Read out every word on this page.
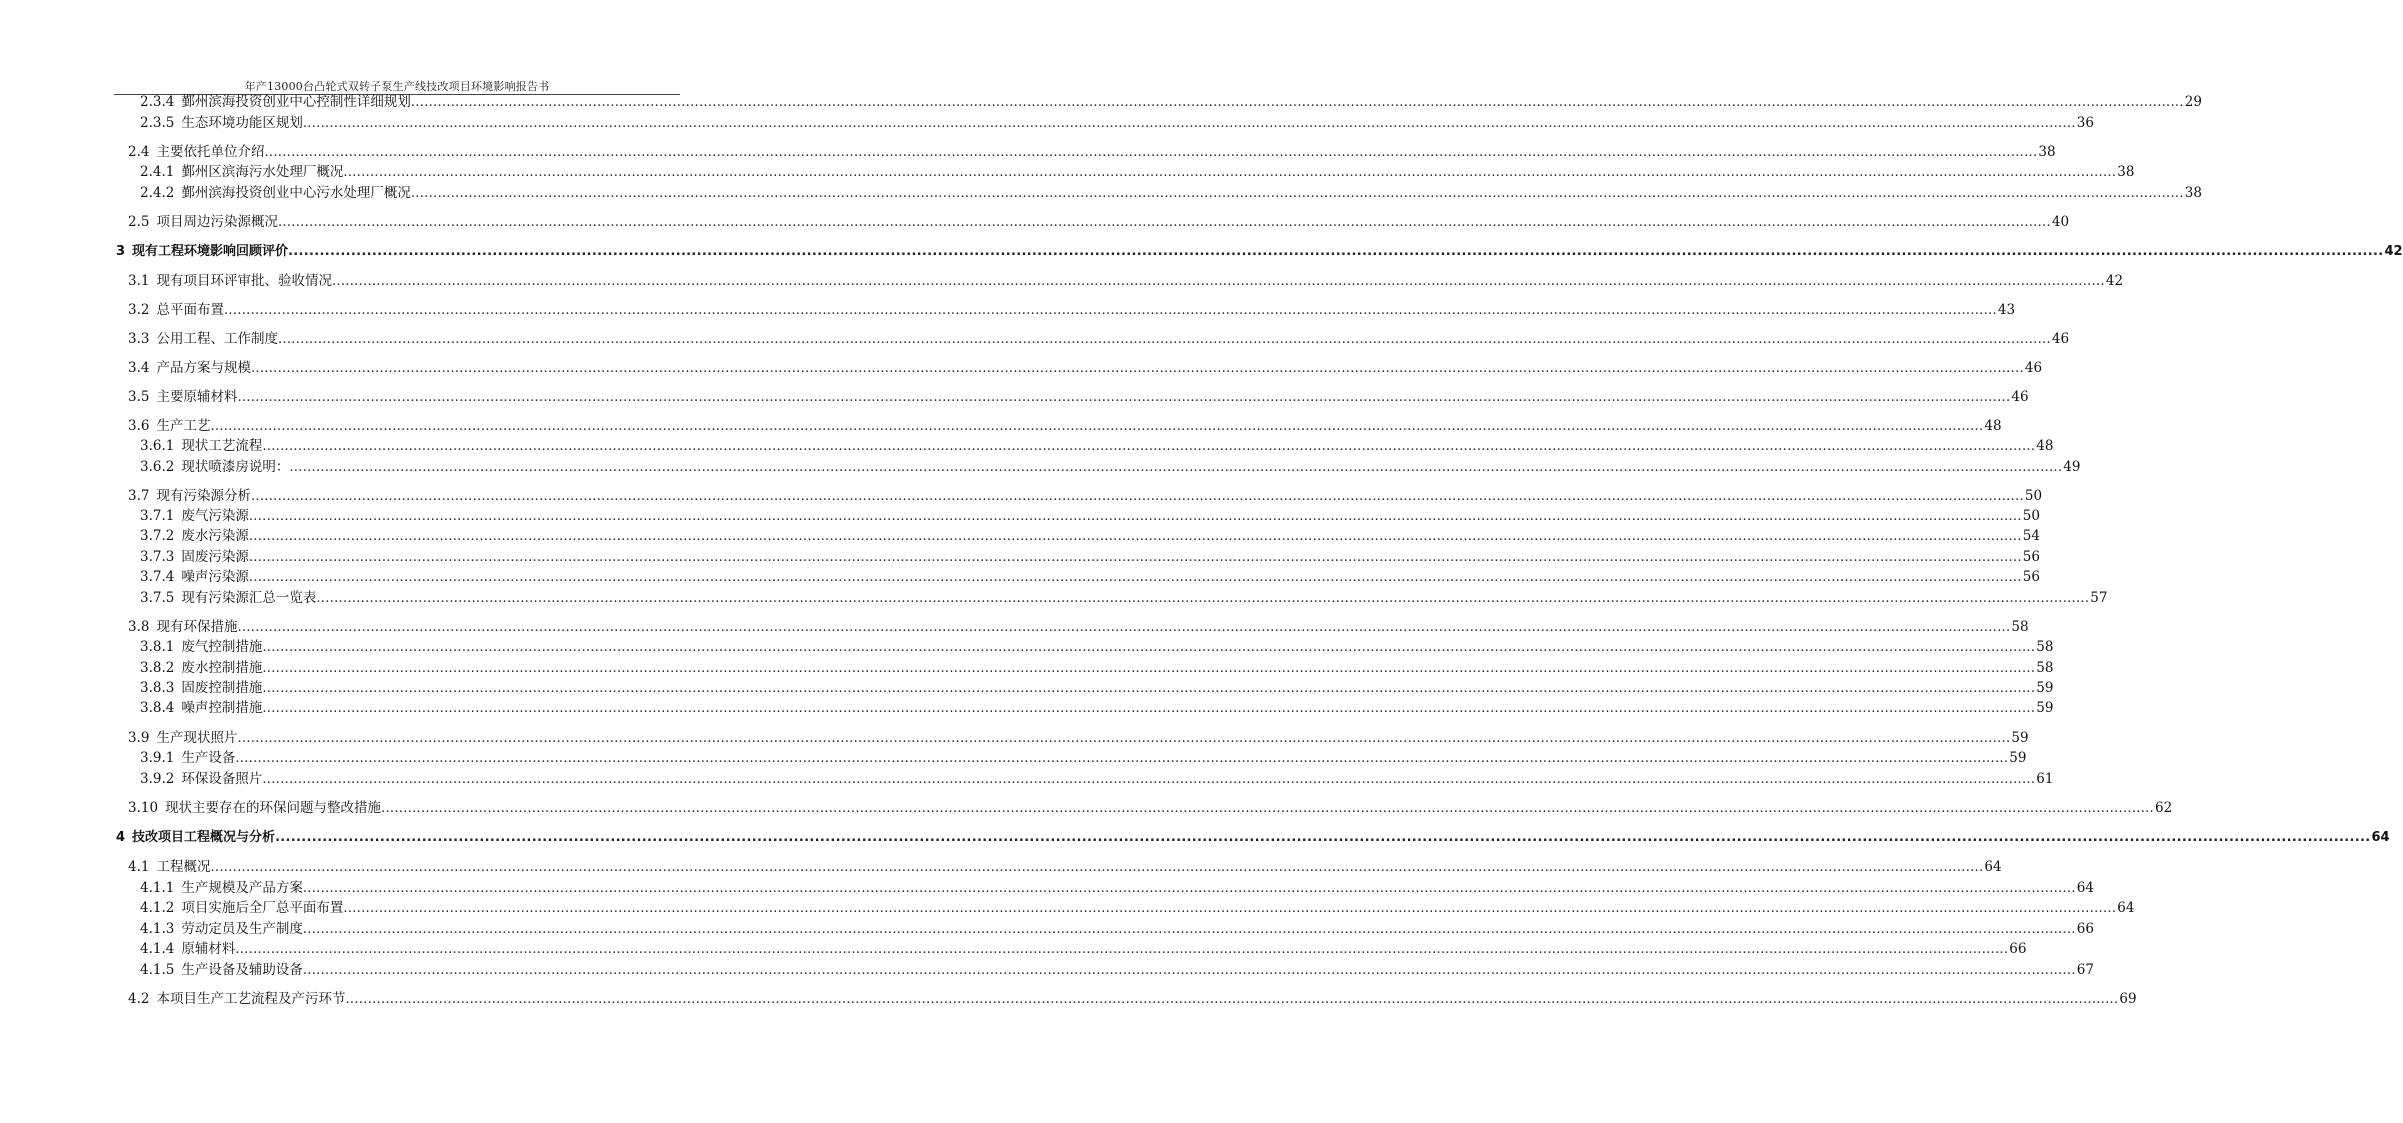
年产13000台凸轮式双转子泵生产线技改项目环境影响报告书
2.3.4 鄞州滨海投资创业中心控制性详细规划 ................................................................................................................................................................................................................................................................................................................................................................................................................ 29
2.3.5 生态环境功能区规划 ................................................................................................................................................................................................................................................................................................................................................................................................................ 36
2.4 主要依托单位介绍 ................................................................................................................................................................................................................................................................................................................................................................................................................ 38
2.4.1 鄞州区滨海污水处理厂概况 ................................................................................................................................................................................................................................................................................................................................................................................................................ 38
2.4.2 鄞州滨海投资创业中心污水处理厂概况 ................................................................................................................................................................................................................................................................................................................................................................................................................ 38
2.5 项目周边污染源概况 ................................................................................................................................................................................................................................................................................................................................................................................................................ 40
3 现有工程环境影响回顾评价 ................................................................................................................................................................................................................................................................................................................................................................................................................ 42
3.1 现有项目环评审批、验收情况 ................................................................................................................................................................................................................................................................................................................................................................................................................ 42
3.2 总平面布置 ................................................................................................................................................................................................................................................................................................................................................................................................................ 43
3.3 公用工程、工作制度 ................................................................................................................................................................................................................................................................................................................................................................................................................ 46
3.4 产品方案与规模 ................................................................................................................................................................................................................................................................................................................................................................................................................ 46
3.5 主要原辅材料 ................................................................................................................................................................................................................................................................................................................................................................................................................ 46
3.6 生产工艺 ................................................................................................................................................................................................................................................................................................................................................................................................................ 48
3.6.1 现状工艺流程 ................................................................................................................................................................................................................................................................................................................................................................................................................ 48
3.6.2 现状喷漆房说明： ................................................................................................................................................................................................................................................................................................................................................................................................................ 49
3.7 现有污染源分析 ................................................................................................................................................................................................................................................................................................................................................................................................................ 50
3.7.1 废气污染源 ................................................................................................................................................................................................................................................................................................................................................................................................................ 50
3.7.2 废水污染源 ................................................................................................................................................................................................................................................................................................................................................................................................................ 54
3.7.3 固废污染源 ................................................................................................................................................................................................................................................................................................................................................................................................................ 56
3.7.4 噪声污染源 ................................................................................................................................................................................................................................................................................................................................................................................................................ 56
3.7.5 现有污染源汇总一览表 ................................................................................................................................................................................................................................................................................................................................................................................................................ 57
3.8 现有环保措施 ................................................................................................................................................................................................................................................................................................................................................................................................................ 58
3.8.1 废气控制措施 ................................................................................................................................................................................................................................................................................................................................................................................................................ 58
3.8.2 废水控制措施 ................................................................................................................................................................................................................................................................................................................................................................................................................ 58
3.8.3 固废控制措施 ................................................................................................................................................................................................................................................................................................................................................................................................................ 59
3.8.4 噪声控制措施 ................................................................................................................................................................................................................................................................................................................................................................................................................ 59
3.9 生产现状照片 ................................................................................................................................................................................................................................................................................................................................................................................................................ 59
3.9.1 生产设备 ................................................................................................................................................................................................................................................................................................................................................................................................................ 59
3.9.2 环保设备照片 ................................................................................................................................................................................................................................................................................................................................................................................................................ 61
3.10 现状主要存在的环保问题与整改措施 ................................................................................................................................................................................................................................................................................................................................................................................................................ 62
4 技改项目工程概况与分析 ................................................................................................................................................................................................................................................................................................................................................................................................................ 64
4.1 工程概况 ................................................................................................................................................................................................................................................................................................................................................................................................................ 64
4.1.1 生产规模及产品方案 ................................................................................................................................................................................................................................................................................................................................................................................................................ 64
4.1.2 项目实施后全厂总平面布置 ................................................................................................................................................................................................................................................................................................................................................................................................................ 64
4.1.3 劳动定员及生产制度 ................................................................................................................................................................................................................................................................................................................................................................................................................ 66
4.1.4 原辅材料 ................................................................................................................................................................................................................................................................................................................................................................................................................ 66
4.1.5 生产设备及辅助设备 ................................................................................................................................................................................................................................................................................................................................................................................................................ 67
4.2 本项目生产工艺流程及产污环节 ................................................................................................................................................................................................................................................................................................................................................................................................................ 69
